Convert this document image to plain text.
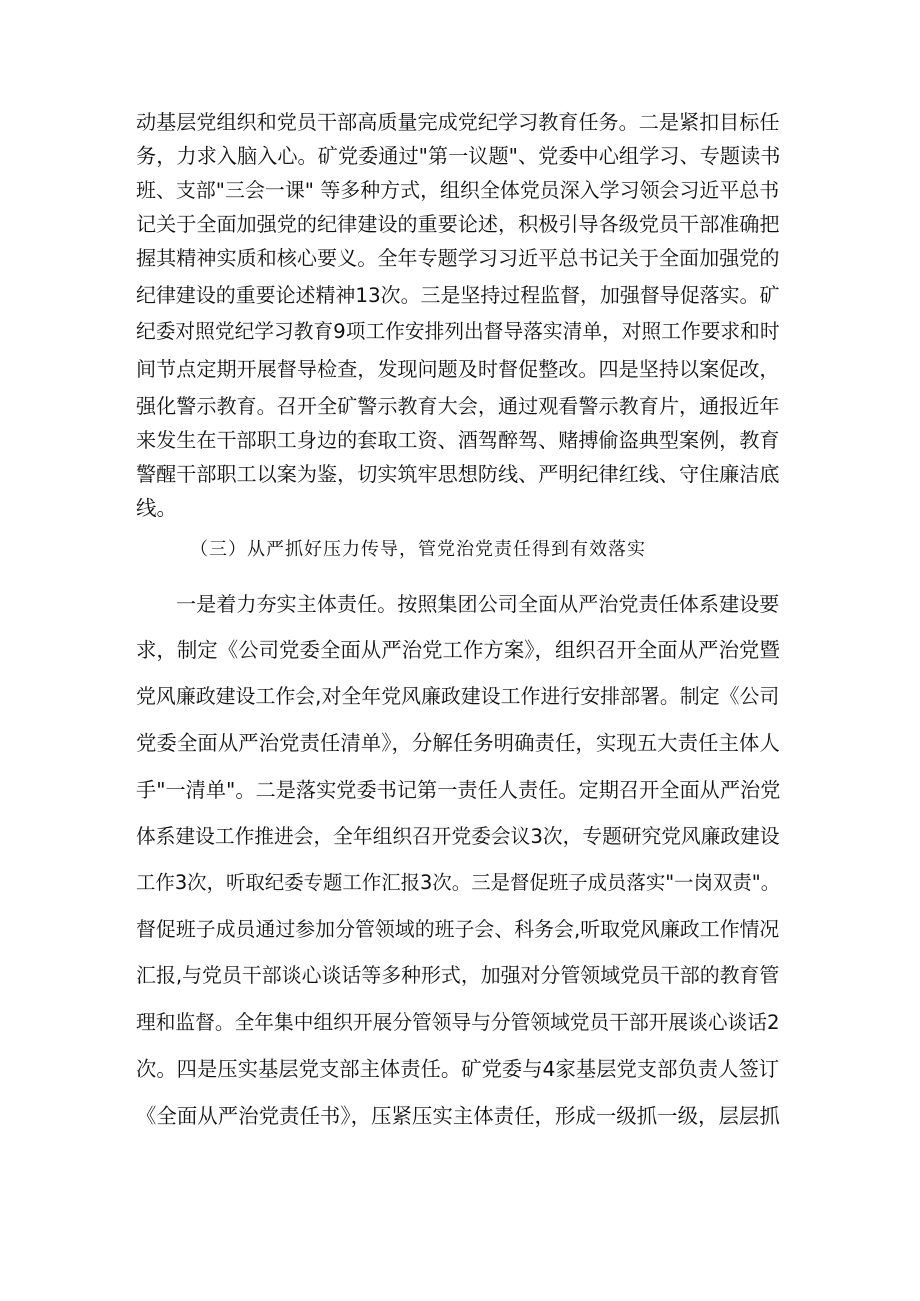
动基层党组织和党员干部高质量完成党纪学习教育任务。二是紧扣目标任
务，力求入脑入心。矿党委通过"第一议题"、党委中心组学习、专题读书
班、支部"三会一课" 等多种方式，组织全体党员深入学习领会习近平总书
记关于全面加强党的纪律建设的重要论述，积极引导各级党员干部准确把
握其精神实质和核心要义。全年专题学习习近平总书记关于全面加强党的
纪律建设的重要论述精神13次。三是坚持过程监督，加强督导促落实。矿
纪委对照党纪学习教育9项工作安排列出督导落实清单，对照工作要求和时
间节点定期开展督导检查，发现问题及时督促整改。四是坚持以案促改，
强化警示教育。召开全矿警示教育大会，通过观看警示教育片，通报近年
来发生在干部职工身边的套取工资、酒驾醉驾、赌搏偷盗典型案例，教育
警醒干部职工以案为鉴，切实筑牢思想防线、严明纪律红线、守住廉洁底
线。
（三）从严抓好压力传导，管党治党责任得到有效落实
一是着力夯实主体责任。按照集团公司全面从严治党责任体系建设要
求，制定《公司党委全面从严治党工作方案》，组织召开全面从严治党暨
党风廉政建设工作会,对全年党风廉政建设工作进行安排部署。制定《公司
党委全面从严治党责任清单》，分解任务明确责任，实现五大责任主体人
手"一清单"。二是落实党委书记第一责任人责任。定期召开全面从严治党
体系建设工作推进会，全年组织召开党委会议3次，专题研究党风廉政建设
工作3次，听取纪委专题工作汇报3次。三是督促班子成员落实"一岗双责"。
督促班子成员通过参加分管领域的班子会、科务会,听取党风廉政工作情况
汇报,与党员干部谈心谈话等多种形式，加强对分管领域党员干部的教育管
理和监督。全年集中组织开展分管领导与分管领域党员干部开展谈心谈话2
次。四是压实基层党支部主体责任。矿党委与4家基层党支部负责人签订
《全面从严治党责任书》，压紧压实主体责任，形成一级抓一级，层层抓
